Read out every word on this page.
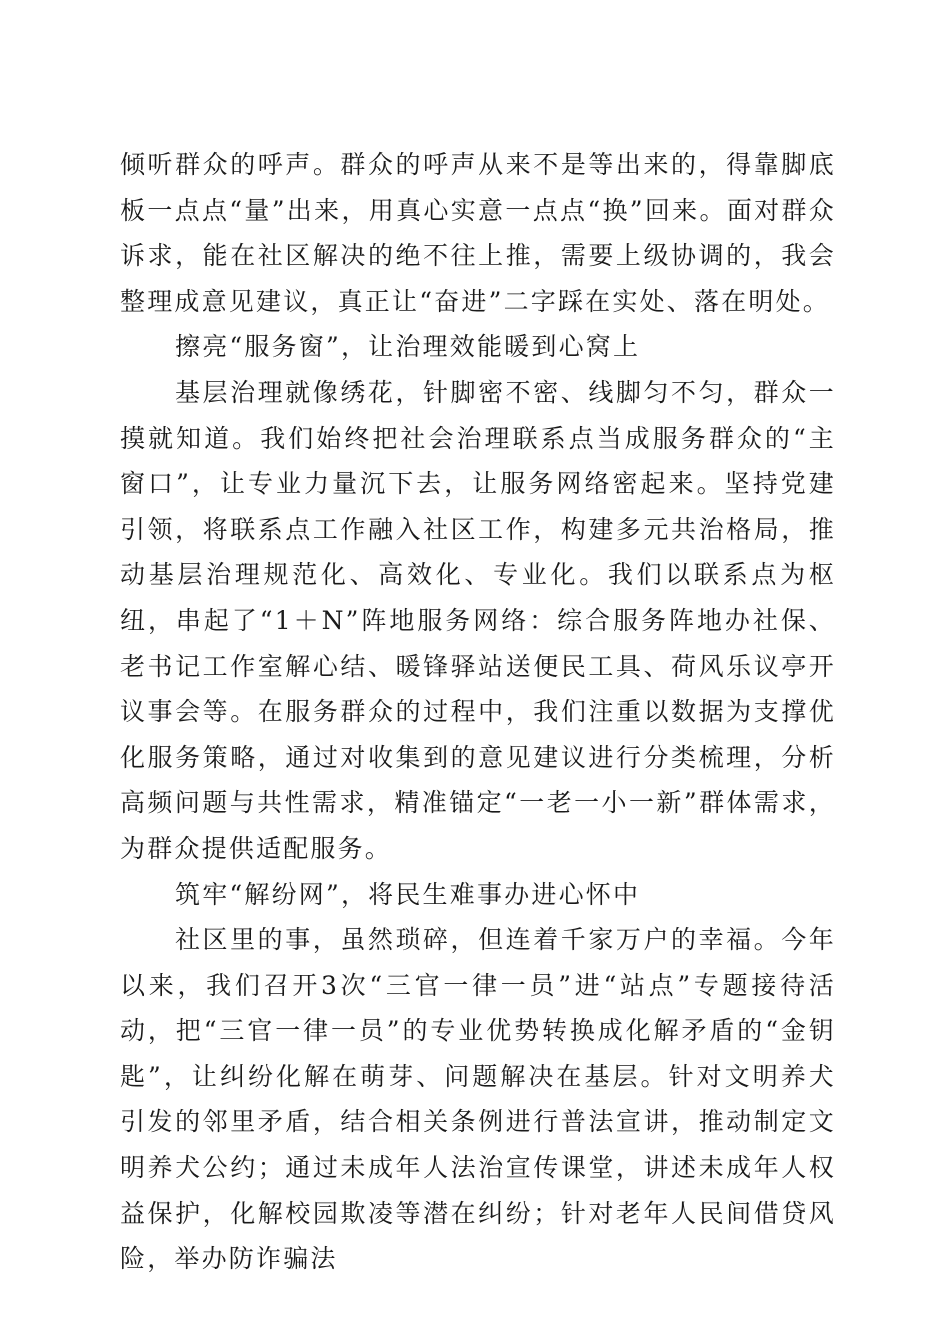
倾听群众的呼声。群众的呼声从来不是等出来的，得靠脚底板一点点“量”出来，用真心实意一点点“换”回来。面对群众诉求，能在社区解决的绝不往上推，需要上级协调的，我会整理成意见建议，真正让“奋进”二字踩在实处、落在明处。

擦亮“服务窗”，让治理效能暖到心窝上

基层治理就像绣花，针脚密不密、线脚匀不匀，群众一摸就知道。我们始终把社会治理联系点当成服务群众的“主窗口”，让专业力量沉下去，让服务网络密起来。坚持党建引领，将联系点工作融入社区工作，构建多元共治格局，推动基层治理规范化、高效化、专业化。我们以联系点为枢纽，串起了“1＋N”阵地服务网络：综合服务阵地办社保、老书记工作室解心结、暖锋驿站送便民工具、荷风乐议亭开议事会等。在服务群众的过程中，我们注重以数据为支撑优化服务策略，通过对收集到的意见建议进行分类梳理，分析高频问题与共性需求，精准锚定“一老一小一新”群体需求，为群众提供适配服务。

筑牢“解纷网”，将民生难事办进心怀中

社区里的事，虽然琐碎，但连着千家万户的幸福。今年以来，我们召开3次“三官一律一员”进“站点”专题接待活动，把“三官一律一员”的专业优势转换成化解矛盾的“金钥匙”，让纠纷化解在萌芽、问题解决在基层。针对文明养犬引发的邻里矛盾，结合相关条例进行普法宣讲，推动制定文明养犬公约；通过未成年人法治宣传课堂，讲述未成年人权益保护，化解校园欺凌等潜在纠纷；针对老年人民间借贷风险，举办防诈骗法
